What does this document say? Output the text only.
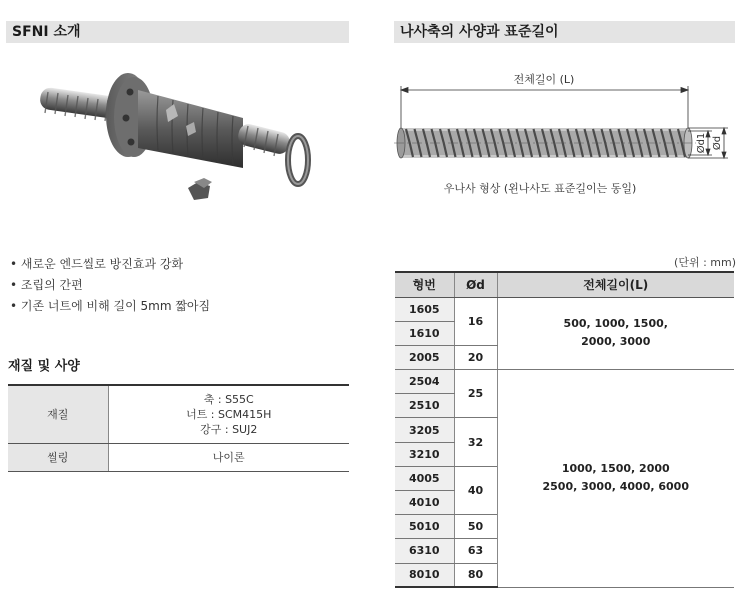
SFNI 소개	나사축의 사양과 표준길이
• 새로운 엔드씰로 방진효과 강화
• 조립의 간편
• 기존 너트에 비해 길이 5mm 짧아짐
재질 및 사양
재질	축 : S55C
너트 : SCM415H
강구 : SUJ2

씰링	나이론
전체길이 (L)
Ød1 Ød
우나사 형상 (왼나사도 표준길이는 동일)
(단위 : mm)
형번	Ød	전체길이(L)
1605	16	500, 1000, 1500,
2000, 3000

1610		
2005	20	
2504	25	1000, 1500, 2000
2500, 3000, 4000, 6000

2510		
3205	32	
3210		
4005	40	
4010		
5010	50	
6310	63	
8010	80	
